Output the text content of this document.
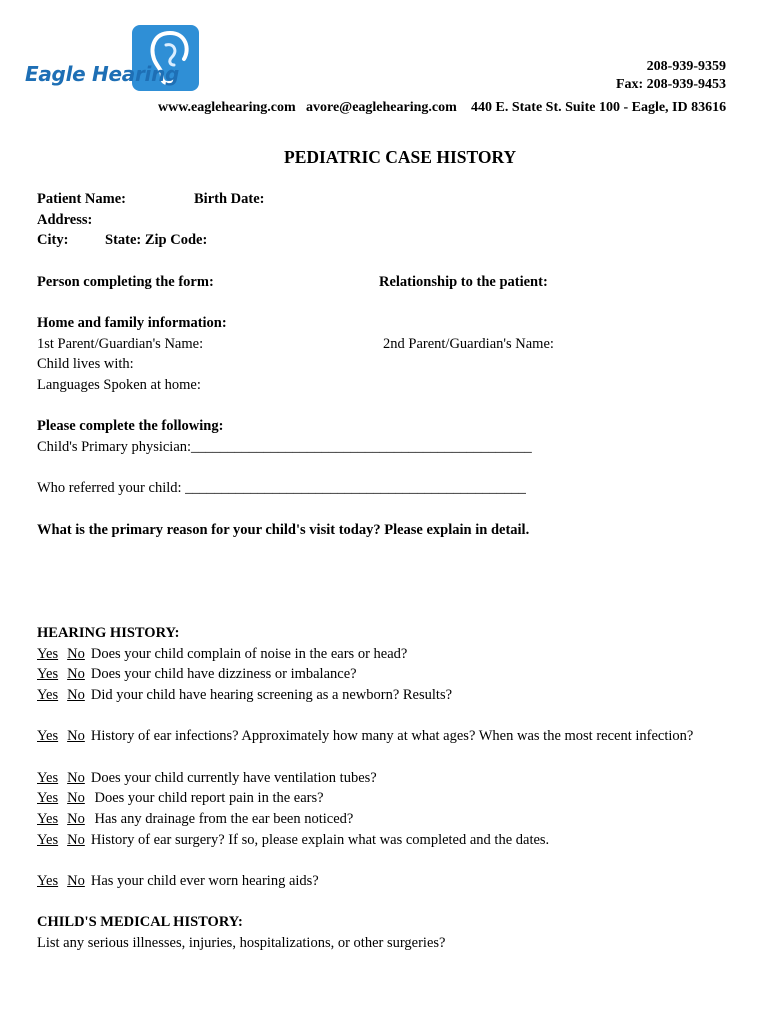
Eagle Hearing	208-939-9359
Fax: 208-939-9453
www.eaglehearing.com avore@eaglehearing.com 440 E. State St. Suite 100 - Eagle, ID 83616
PEDIATRIC CASE HISTORY
Patient Name:	Birth Date:
Address:
City:	State: Zip Code:
Person completing the form:	Relationship to the patient:
Home and family information:
1st Parent/Guardian's Name:	2nd Parent/Guardian's Name:
Child lives with:
Languages Spoken at home:
Please complete the following:
Child's Primary physician:_______________________________________________
Who referred your child: _______________________________________________
What is the primary reason for your child's visit today? Please explain in detail.
HEARING HISTORY:
Yes No Does your child complain of noise in the ears or head?
Yes No Does your child have dizziness or imbalance?
Yes No Did your child have hearing screening as a newborn? Results?
Yes No History of ear infections? Approximately how many at what ages? When was the most recent infection?
Yes No Does your child currently have ventilation tubes?
Yes No Does your child report pain in the ears?
Yes No Has any drainage from the ear been noticed?
Yes No History of ear surgery? If so, please explain what was completed and the dates.
Yes No Has your child ever worn hearing aids?
CHILD'S MEDICAL HISTORY:
List any serious illnesses, injuries, hospitalizations, or other surgeries?
